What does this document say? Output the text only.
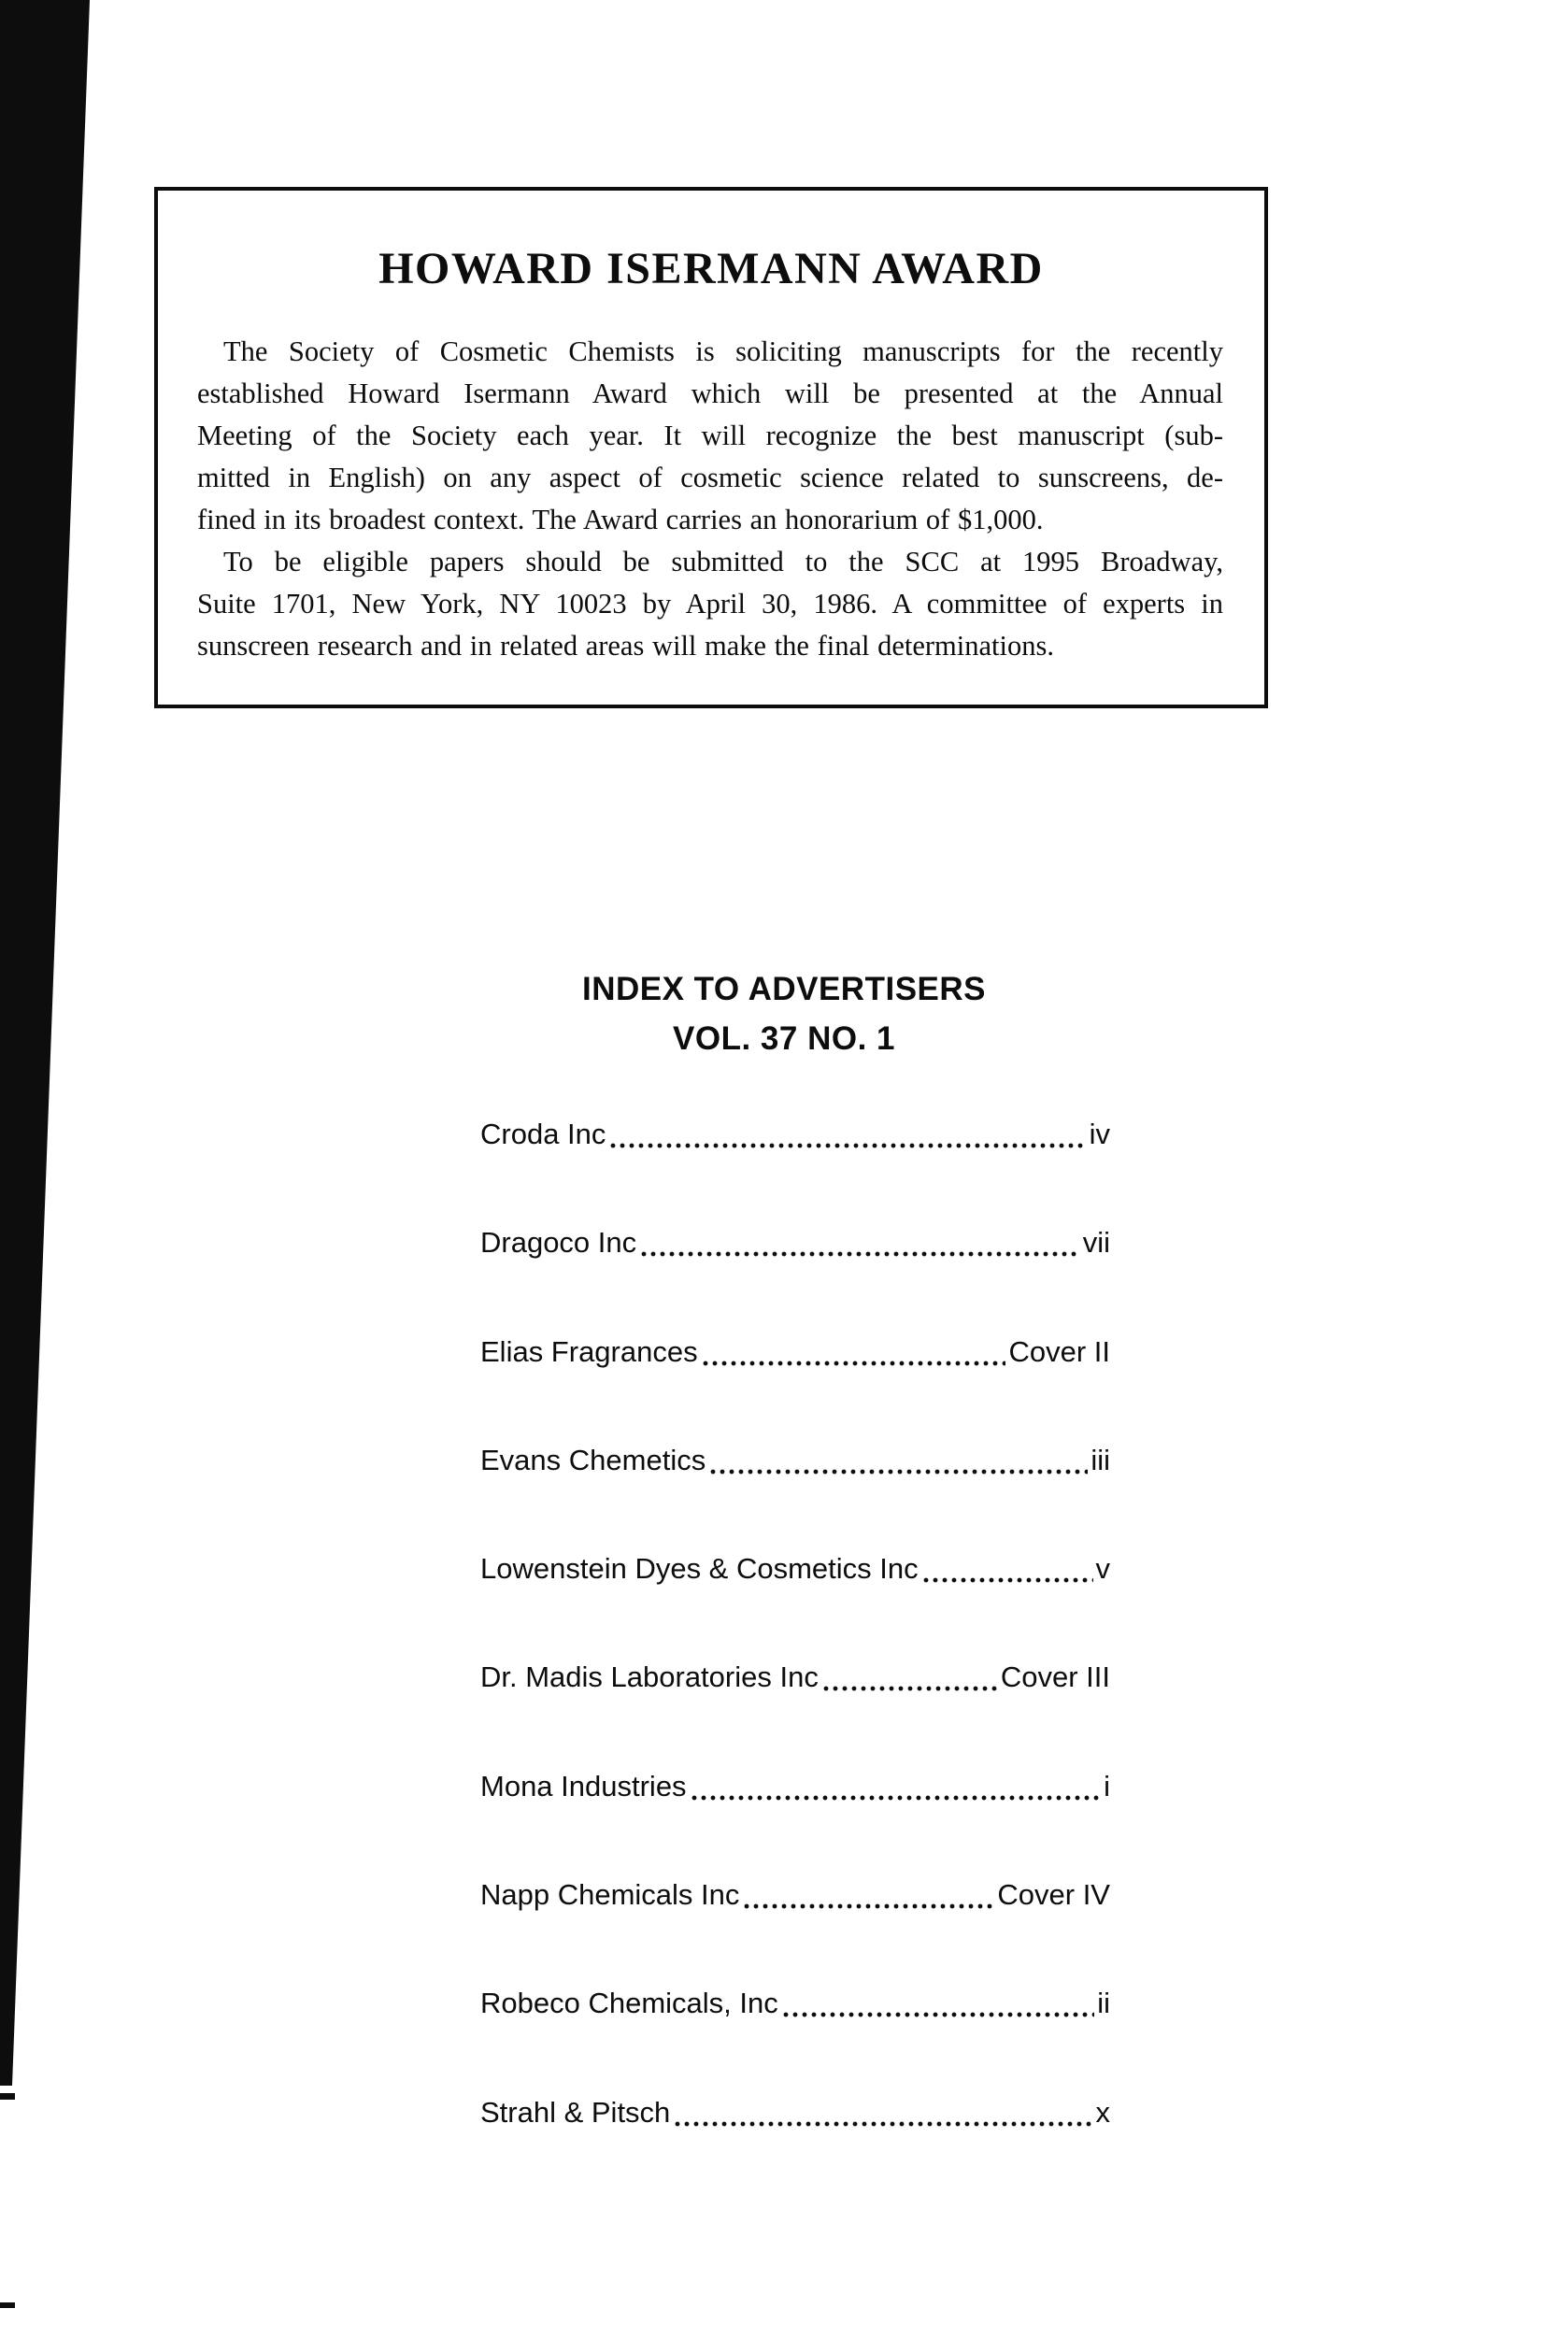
HOWARD ISERMANN AWARD
The Society of Cosmetic Chemists is soliciting manuscripts for the recently
established Howard Isermann Award which will be presented at the Annual
Meeting of the Society each year. It will recognize the best manuscript (sub-
mitted in English) on any aspect of cosmetic science related to sunscreens, de-
fined in its broadest context. The Award carries an honorarium of $1,000.
To be eligible papers should be submitted to the SCC at 1995 Broadway,
Suite 1701, New York, NY 10023 by April 30, 1986. A committee of experts in
sunscreen research and in related areas will make the final determinations.
INDEX TO ADVERTISERS
VOL. 37 NO. 1
Croda Inc	iv
Dragoco Inc	vii
Elias Fragrances	Cover II
Evans Chemetics	iii
Lowenstein Dyes & Cosmetics Inc	v
Dr. Madis Laboratories Inc	Cover III
Mona Industries	i
Napp Chemicals Inc	Cover IV
Robeco Chemicals, Inc	ii
Strahl & Pitsch	x
